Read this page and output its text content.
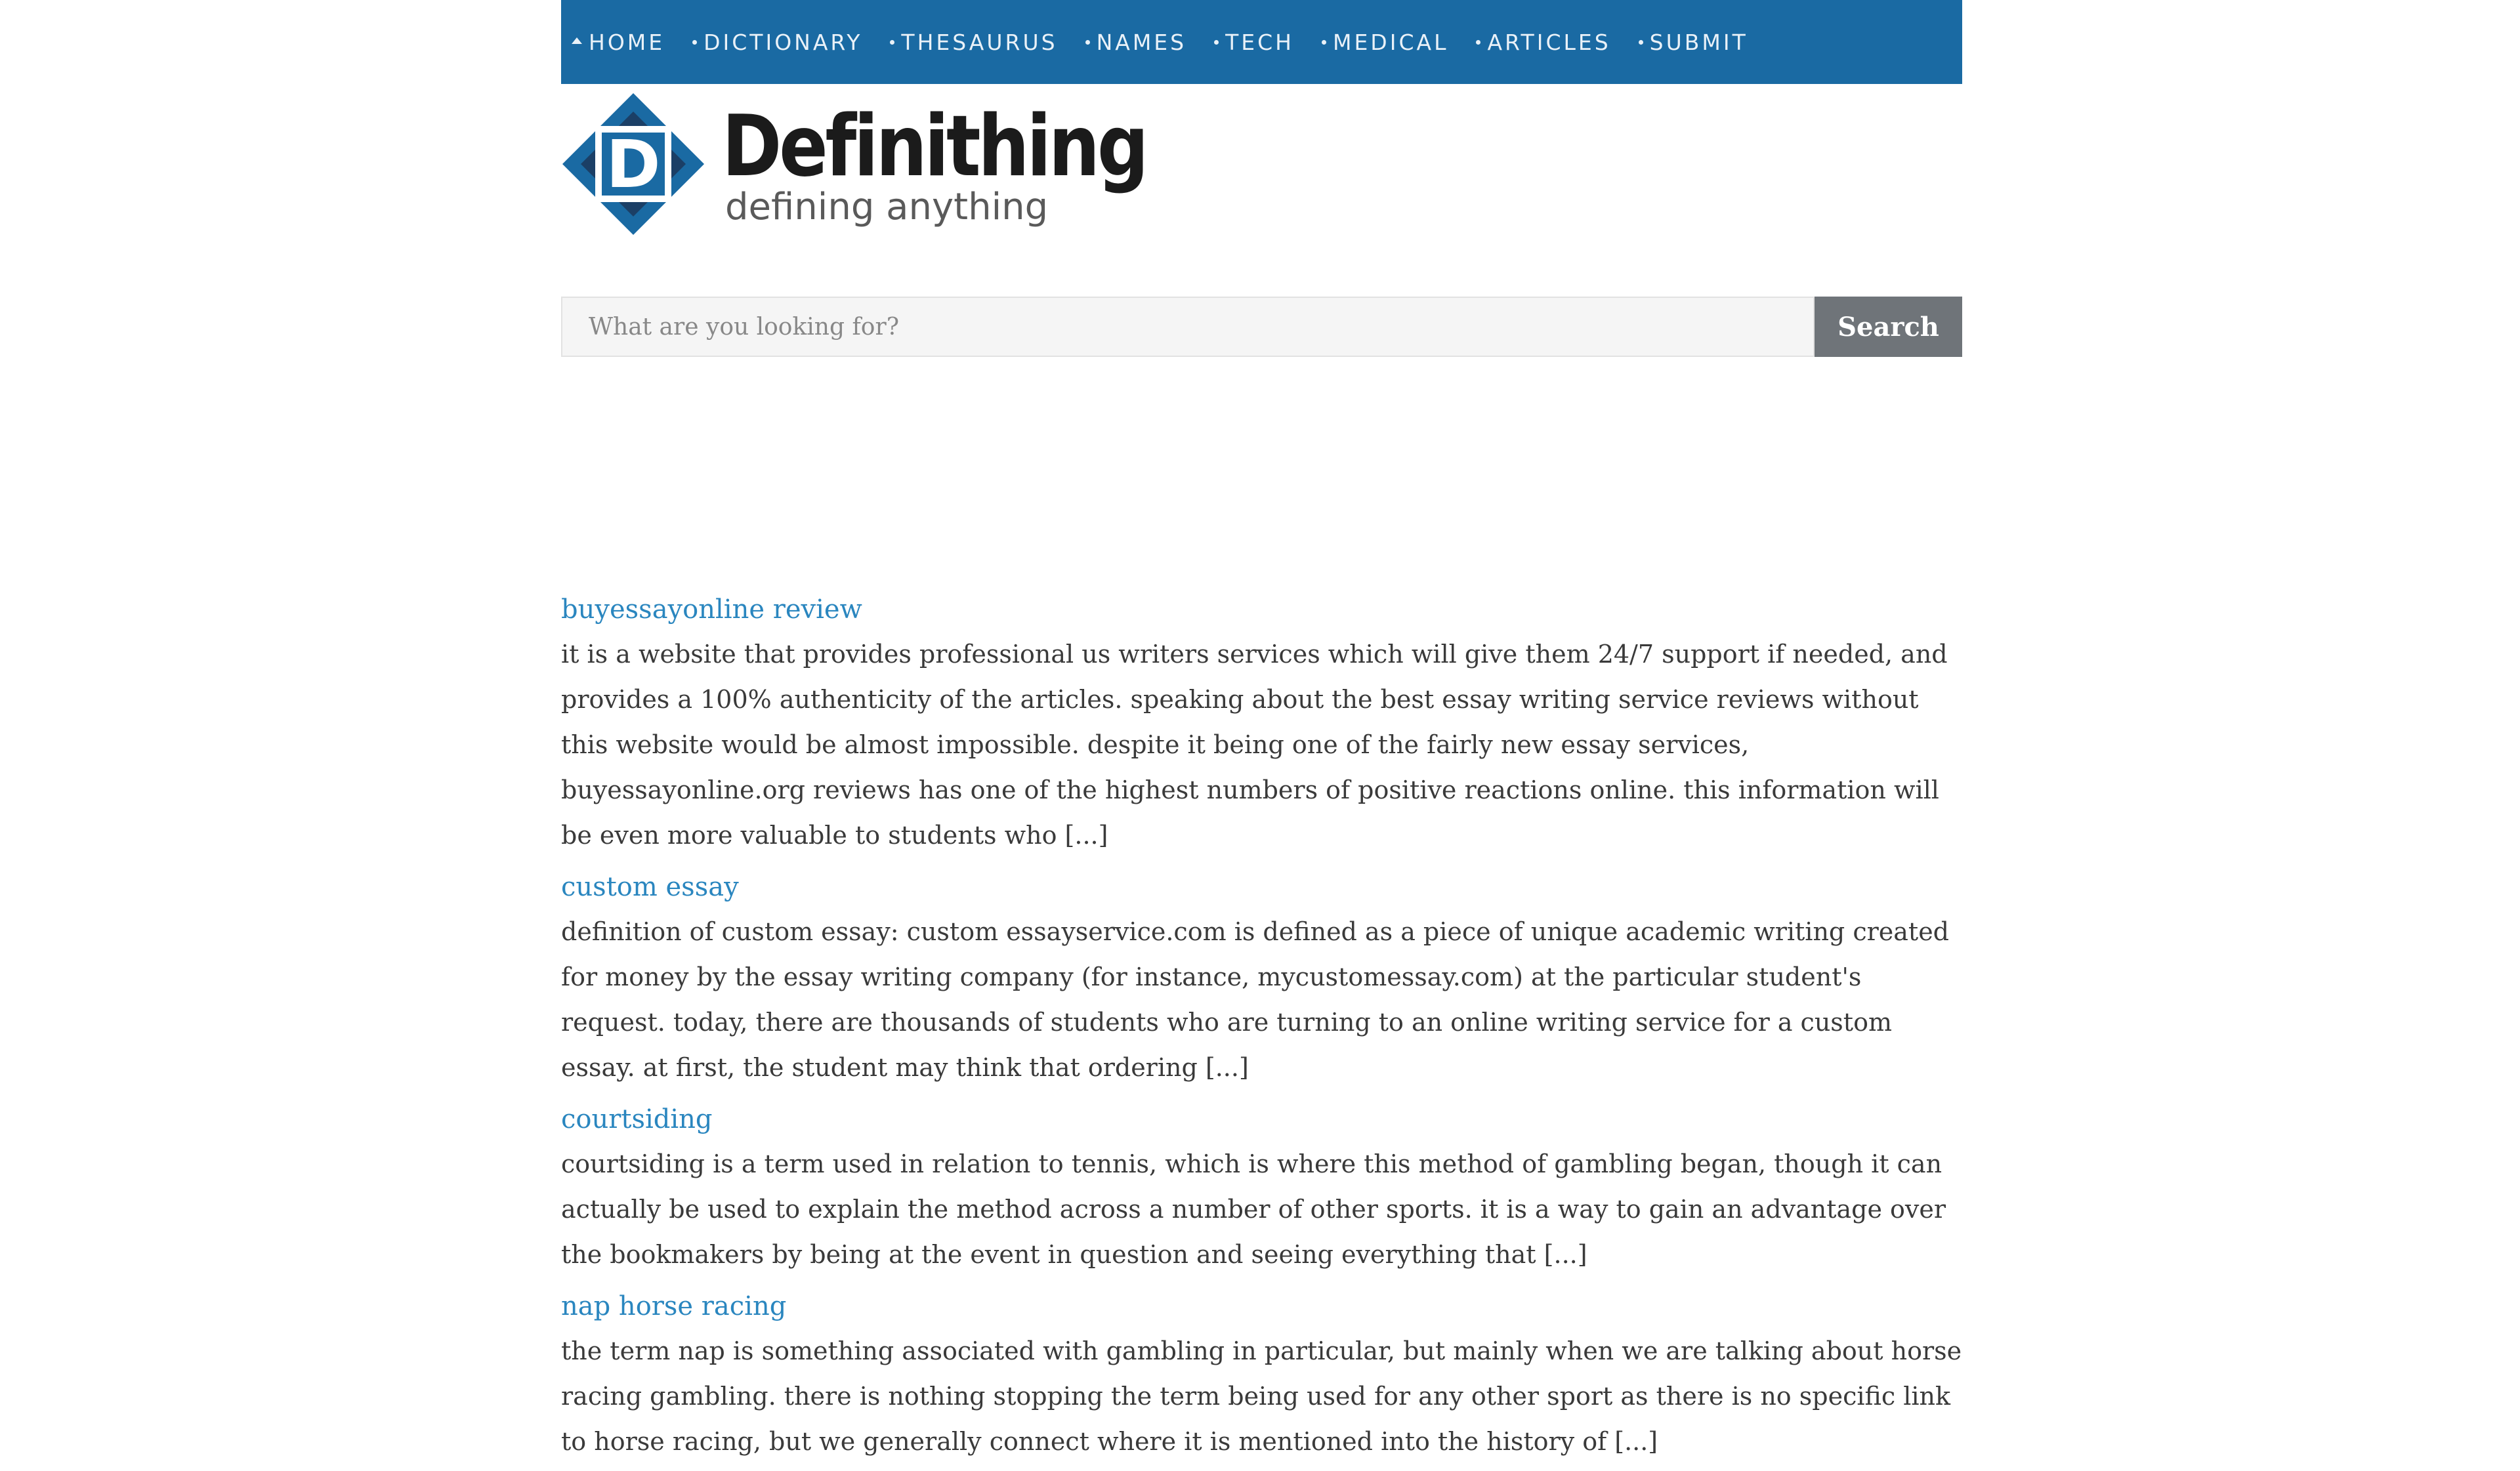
HOME DICTIONARY THESAURUS NAMES TECH MEDICAL ARTICLES SUBMIT
D Definithing
defining anything
What are you looking for?
Search
buyessayonline review

it is a website that provides professional us writers services which will give them 24/7 support if needed, and provides a 100% authenticity of the articles. speaking about the best essay writing service reviews without this website would be almost impossible. despite it being one of the fairly new essay services, buyessayonline.org reviews has one of the highest numbers of positive reactions online. this information will be even more valuable to students who [...]

custom essay

definition of custom essay: custom essayservice.com is defined as a piece of unique academic writing created for money by the essay writing company (for instance, mycustomessay.com) at the particular student's request. today, there are thousands of students who are turning to an online writing service for a custom essay. at first, the student may think that ordering [...]

courtsiding

courtsiding is a term used in relation to tennis, which is where this method of gambling began, though it can actually be used to explain the method across a number of other sports. it is a way to gain an advantage over the bookmakers by being at the event in question and seeing everything that [...]

nap horse racing

the term nap is something associated with gambling in particular, but mainly when we are talking about horse racing gambling. there is nothing stopping the term being used for any other sport as there is no specific link to horse racing, but we generally connect where it is mentioned into the history of [...]
